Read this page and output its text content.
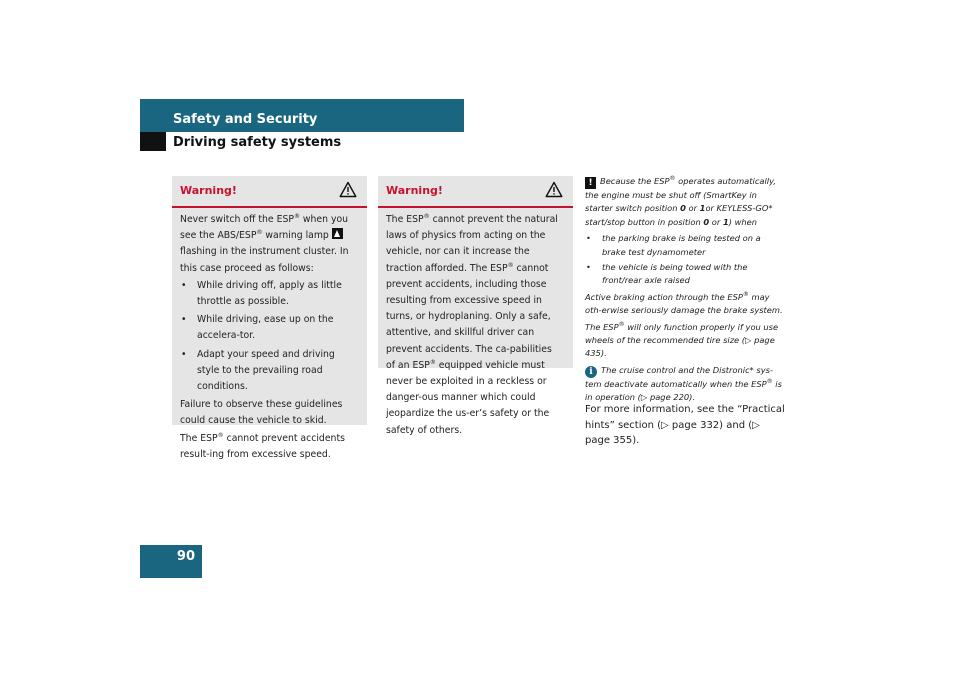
Safety and Security
Driving safety systems
Warning!

Never switch off the ESP® when you see the ABS/ESP® warning lampflashing in the instrument cluster. In this case proceed as follows:

• While driving off, apply as little throttle as possible.
• While driving, ease up on the accelera-tor.
• Adapt your speed and driving style to the prevailing road conditions.

Failure to observe these guidelines could cause the vehicle to skid.

The ESP® cannot prevent accidents result-ing from excessive speed.

Warning!

The ESP® cannot prevent the natural laws of physics from acting on the vehicle, nor can it increase the traction afforded. The ESP® cannot prevent accidents, including those resulting from excessive speed in turns, or hydroplaning. Only a safe, attentive, and skillful driver can prevent accidents. The ca-pabilities of an ESP® equipped vehicle must never be exploited in a reckless or danger-ous manner which could jeopardize the us-er’s safety or the safety of others.

! Because the ESP® operates automatically, the engine must be shut off (SmartKey in starter switch position 0 or 1or KEYLESS-GO* start/stop button in position 0 or 1) when

• the parking brake is being tested on a brake test dynamometer
• the vehicle is being towed with the front/rear axle raised

Active braking action through the ESP® may oth-erwise seriously damage the brake system.

The ESP® will only function properly if you use wheels of the recommended tire size (▷ page 435).

i The cruise control and the Distronic* sys-tem deactivate automatically when the ESP® is in operation (▷ page 220).

For more information, see the “Practical hints” section (▷ page 332) and (▷ page 355).
90
